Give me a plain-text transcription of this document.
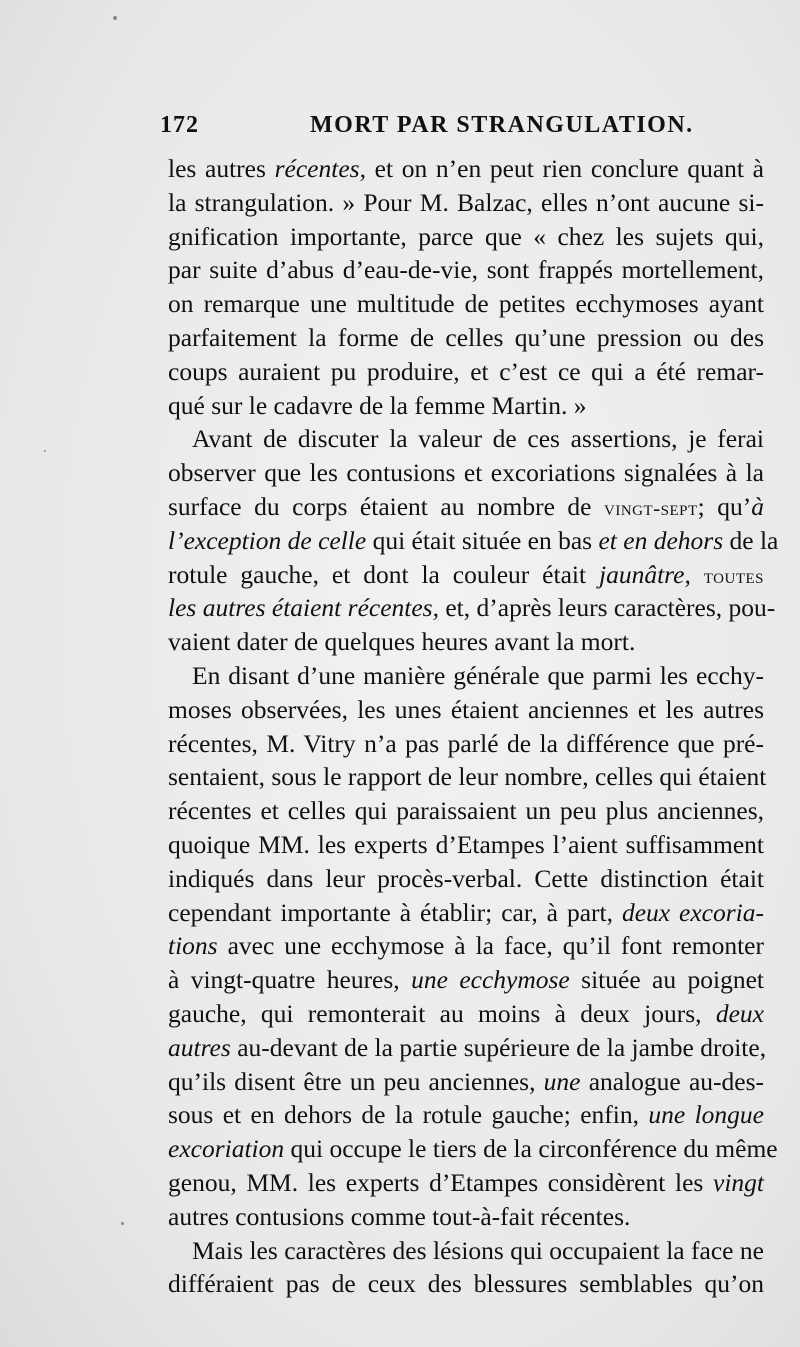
172	MORT PAR STRANGULATION.
les autres récentes, et on n’en peut rien conclure quant à
la strangulation. » Pour M. Balzac, elles n’ont aucune si-
gnification importante, parce que « chez les sujets qui,
par suite d’abus d’eau-de-vie, sont frappés mortellement,
on remarque une multitude de petites ecchymoses ayant
parfaitement la forme de celles qu’une pression ou des
coups auraient pu produire, et c’est ce qui a été remar-
qué sur le cadavre de la femme Martin. »
Avant de discuter la valeur de ces assertions, je ferai
observer que les contusions et excoriations signalées à la
surface du corps étaient au nombre de vingt-sept; qu’à
l’exception de celle qui était située en bas et en dehors de la
rotule gauche, et dont la couleur était jaunâtre, toutes
les autres étaient récentes, et, d’après leurs caractères, pou-
vaient dater de quelques heures avant la mort.
En disant d’une manière générale que parmi les ecchy-
moses observées, les unes étaient anciennes et les autres
récentes, M. Vitry n’a pas parlé de la différence que pré-
sentaient, sous le rapport de leur nombre, celles qui étaient
récentes et celles qui paraissaient un peu plus anciennes,
quoique MM. les experts d’Etampes l’aient suffisamment
indiqués dans leur procès-verbal. Cette distinction était
cependant importante à établir; car, à part, deux excoria-
tions avec une ecchymose à la face, qu’il font remonter
à vingt-quatre heures, une ecchymose située au poignet
gauche, qui remonterait au moins à deux jours, deux
autres au-devant de la partie supérieure de la jambe droite,
qu’ils disent être un peu anciennes, une analogue au-des-
sous et en dehors de la rotule gauche; enfin, une longue
excoriation qui occupe le tiers de la circonférence du même
genou, MM. les experts d’Etampes considèrent les vingt
autres contusions comme tout-à-fait récentes.
Mais les caractères des lésions qui occupaient la face ne
différaient pas de ceux des blessures semblables qu’on
